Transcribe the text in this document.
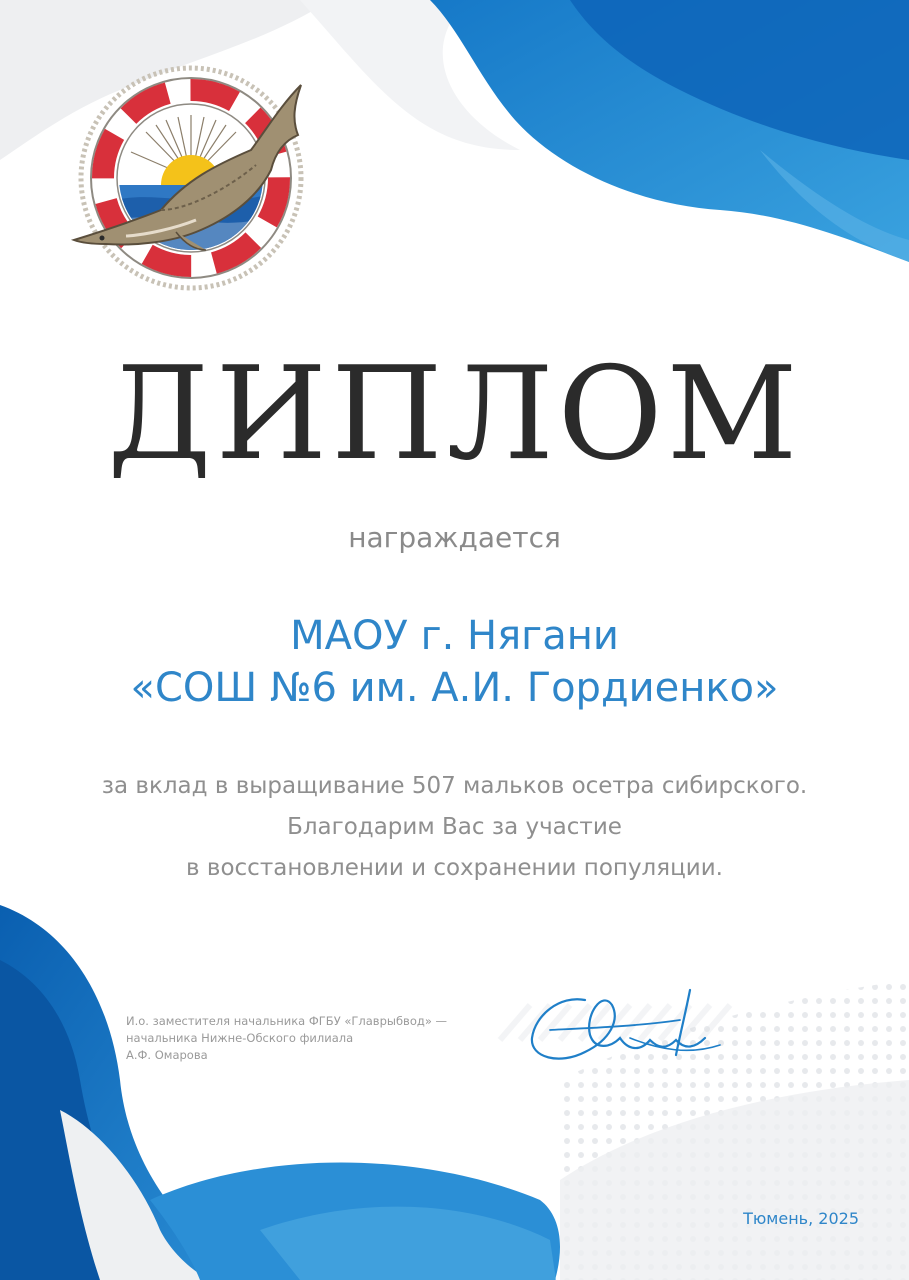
ДИПЛОМ
награждается
МАОУ г. Нягани
«СОШ №6 им. А.И. Гордиенко»
за вклад в выращивание 507 мальков осетра сибирского.
Благодарим Вас за участие
в восстановлении и сохранении популяции.
И.о. заместителя начальника ФГБУ «Главрыбвод» —
начальника Нижне-Обского филиала
А.Ф. Омарова
Тюмень, 2025
